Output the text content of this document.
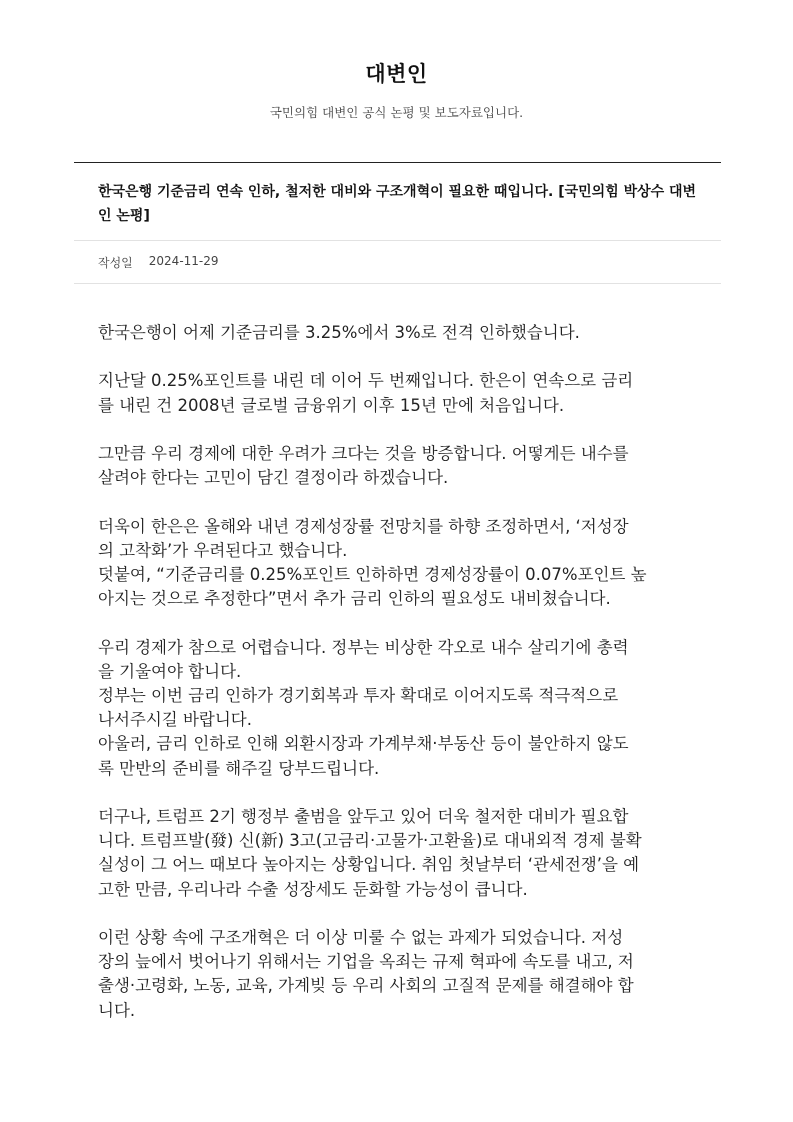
대변인
국민의힘 대변인 공식 논평 및 보도자료입니다.
한국은행 기준금리 연속 인하, 철저한 대비와 구조개혁이 필요한 때입니다. [국민의힘 박상수 대변
인 논평]
작성일 2024-11-29

한국은행이 어제 기준금리를 3.25%에서 3%로 전격 인하했습니다.

지난달 0.25%포인트를 내린 데 이어 두 번째입니다. 한은이 연속으로 금리
를 내린 건 2008년 글로벌 금융위기 이후 15년 만에 처음입니다.

그만큼 우리 경제에 대한 우려가 크다는 것을 방증합니다. 어떻게든 내수를
살려야 한다는 고민이 담긴 결정이라 하겠습니다.

더욱이 한은은 올해와 내년 경제성장률 전망치를 하향 조정하면서, ‘저성장
의 고착화’가 우려된다고 했습니다.
덧붙여, “기준금리를 0.25%포인트 인하하면 경제성장률이 0.07%포인트 높
아지는 것으로 추정한다”면서 추가 금리 인하의 필요성도 내비쳤습니다.

우리 경제가 참으로 어렵습니다. 정부는 비상한 각오로 내수 살리기에 총력
을 기울여야 합니다.
정부는 이번 금리 인하가 경기회복과 투자 확대로 이어지도록 적극적으로
나서주시길 바랍니다.
아울러, 금리 인하로 인해 외환시장과 가계부채·부동산 등이 불안하지 않도
록 만반의 준비를 해주길 당부드립니다.

더구나, 트럼프 2기 행정부 출범을 앞두고 있어 더욱 철저한 대비가 필요합
니다. 트럼프발(發) 신(新) 3고(고금리·고물가·고환율)로 대내외적 경제 불확
실성이 그 어느 때보다 높아지는 상황입니다. 취임 첫날부터 ‘관세전쟁’을 예
고한 만큼, 우리나라 수출 성장세도 둔화할 가능성이 큽니다.

이런 상황 속에 구조개혁은 더 이상 미룰 수 없는 과제가 되었습니다. 저성
장의 늪에서 벗어나기 위해서는 기업을 옥죄는 규제 혁파에 속도를 내고, 저
출생·고령화, 노동, 교육, 가계빚 등 우리 사회의 고질적 문제를 해결해야 합
니다.
